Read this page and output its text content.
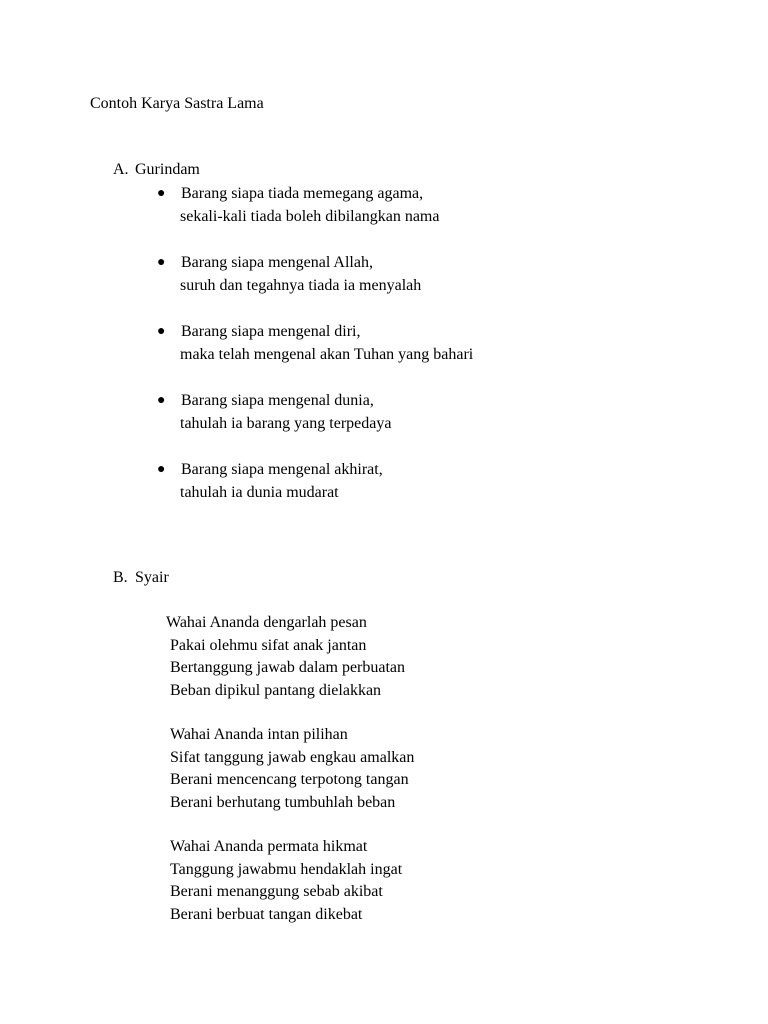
Contoh Karya Sastra Lama
A. Gurindam
● Barang siapa tiada memegang agama,
sekali-kali tiada boleh dibilangkan nama
● Barang siapa mengenal Allah,
suruh dan tegahnya tiada ia menyalah
● Barang siapa mengenal diri,
maka telah mengenal akan Tuhan yang bahari
● Barang siapa mengenal dunia,
tahulah ia barang yang terpedaya
● Barang siapa mengenal akhirat,
tahulah ia dunia mudarat
B. Syair
Wahai Ananda dengarlah pesan
Pakai olehmu sifat anak jantan
Bertanggung jawab dalam perbuatan
Beban dipikul pantang dielakkan
Wahai Ananda intan pilihan
Sifat tanggung jawab engkau amalkan
Berani mencencang terpotong tangan
Berani berhutang tumbuhlah beban
Wahai Ananda permata hikmat
Tanggung jawabmu hendaklah ingat
Berani menanggung sebab akibat
Berani berbuat tangan dikebat
